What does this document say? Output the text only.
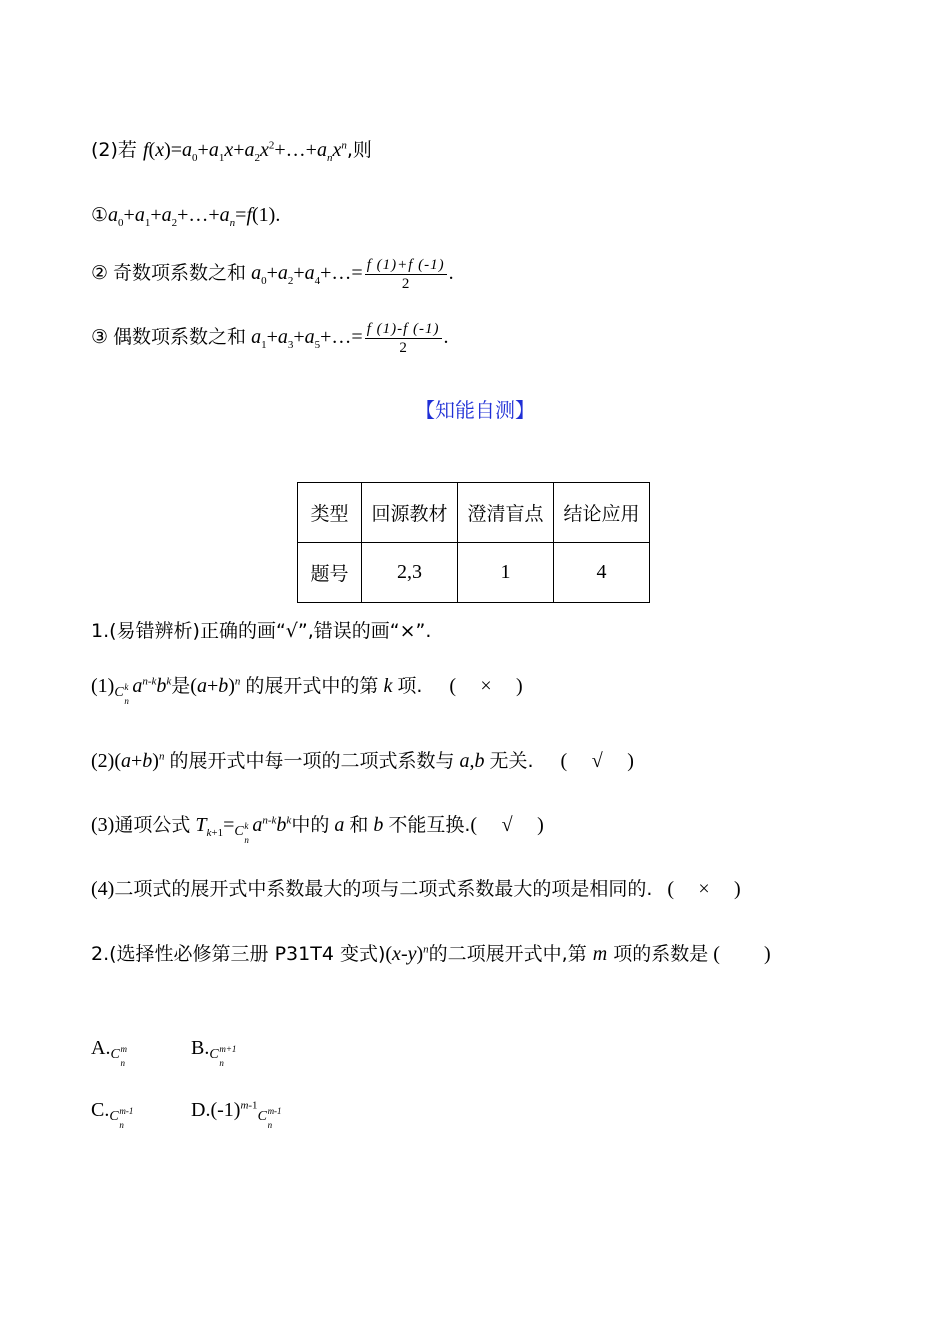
(2)若 $f(x)=a_0+a_1x+a_2x^2+\dots+a_nx^n$,则
$①a_0+a_1+a_2+\dots+a_n=f(1)$.
② 奇数项系数之和 $a_0+a_2+a_4+\dots= \frac{f (1)+f (-1)}{2}$ .
③ 偶数项系数之和 $a_1+a_3+a_5+\dots= \frac{f (1)-f (-1)}{2}$ .
【知能自测】
类型	回源教材	澄清盲点	结论应用
题号	2,3	1	4
1.(易错辨析)正确的画“√”,错误的画“×”.
(1) C k
n
$a^{n-k}b^k$是$(a+b)^n$ 的展开式中的第 k 项. ( × )
$(2)(a+b)^n$ 的展开式中每一项的二项式系数与 a,b 无关. ( √ )
(3)通项公式 $T_{k+1}= C$ k
n
$a^{n-k}b^k$中的 a 和 b 不能互换.( √ )
(4)二项式的展开式中系数最大的项与二项式系数最大的项是相同的. ( × )
2.(选择性必修第三册 P31T4 变式)$(x-y)^n$的二项展开式中,第 m 项的系数是 ( )
A. C m
n
B. C m+1
n
C. C m-1
n
$D.(-1)^{m-1}$
C m-1
n
